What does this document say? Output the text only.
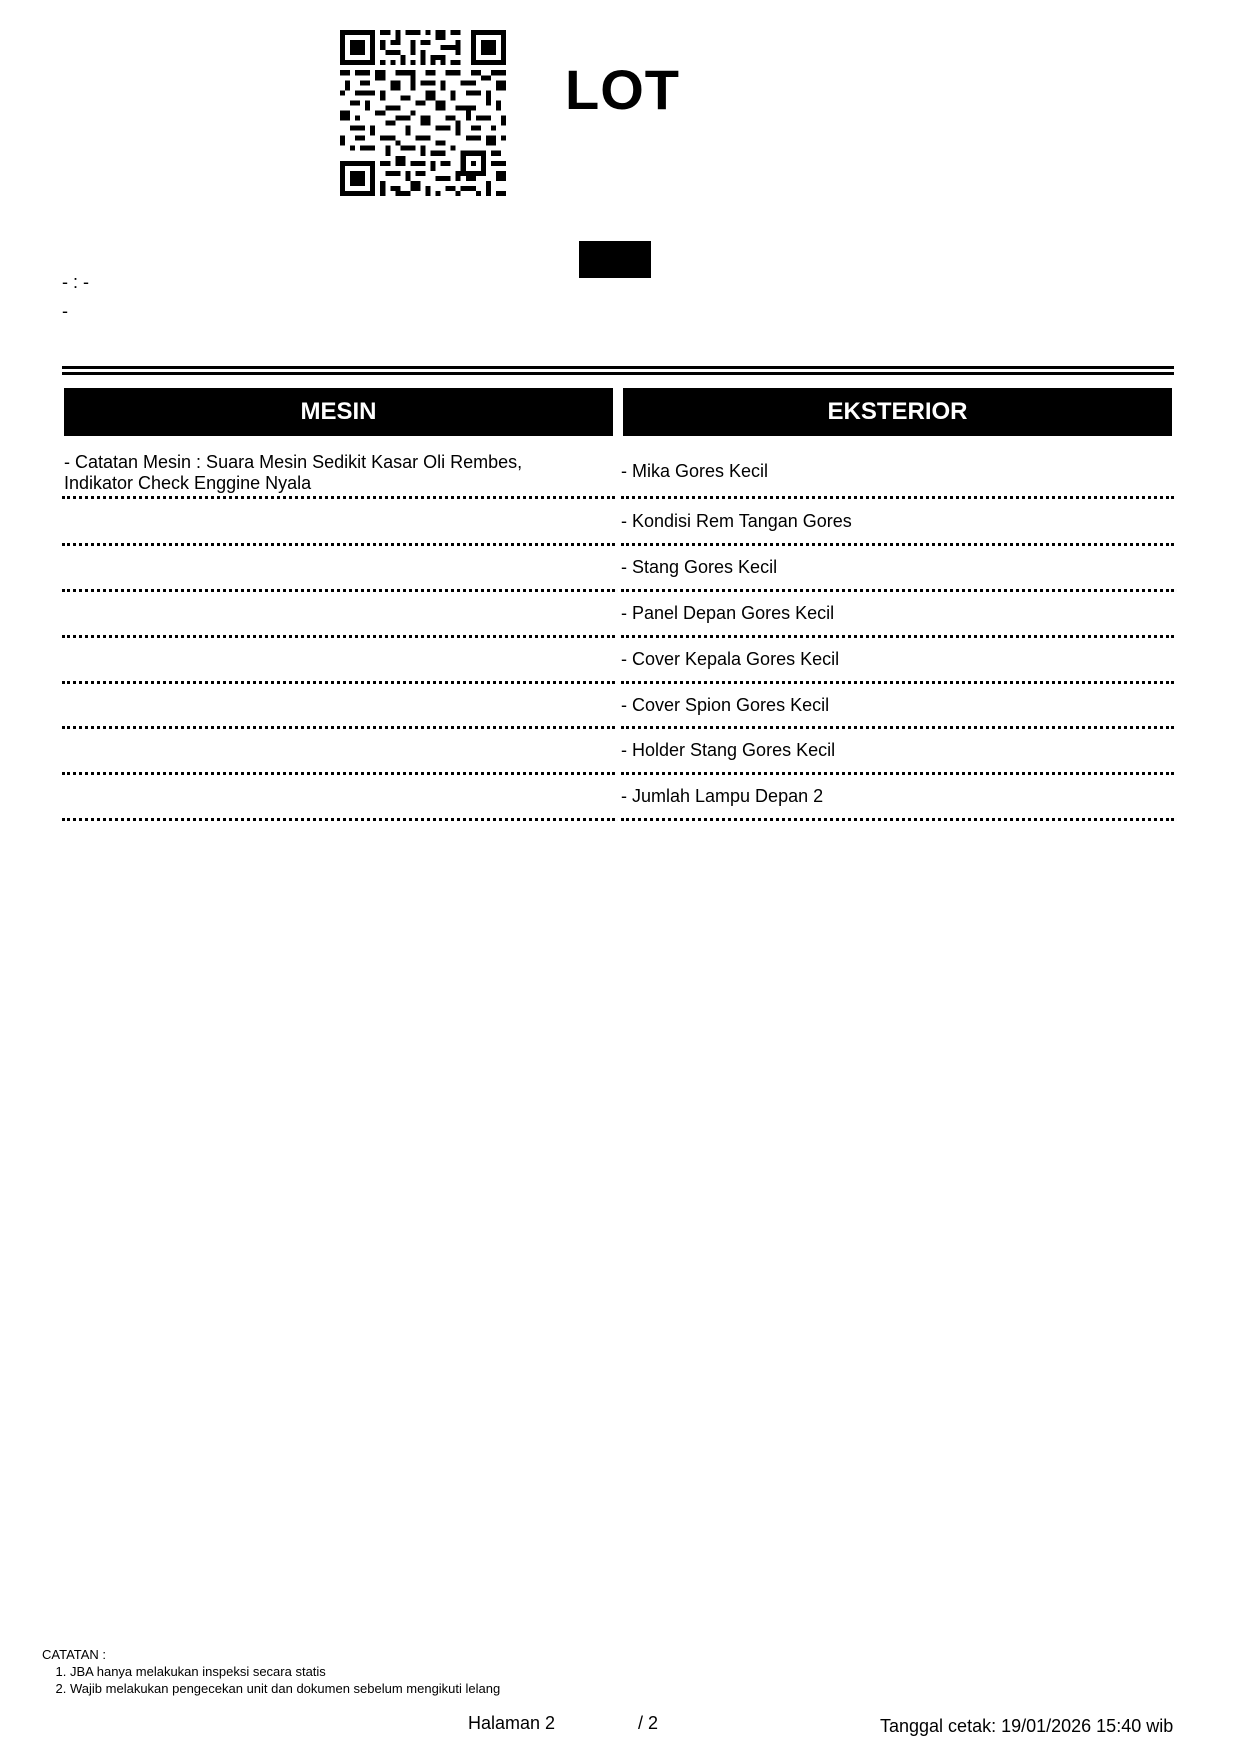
LOT
- : -
-
MESIN
- Catatan Mesin : Suara Mesin Sedikit Kasar Oli Rembes,
Indikator Check Enggine Nyala
EKSTERIOR
- Mika Gores Kecil
- Kondisi Rem Tangan Gores
- Stang Gores Kecil
- Panel Depan Gores Kecil
- Cover Kepala Gores Kecil
- Cover Spion Gores Kecil
- Holder Stang Gores Kecil
- Jumlah Lampu Depan 2
CATATAN :
1. JBA hanya melakukan inspeksi secara statis
2. Wajib melakukan pengecekan unit dan dokumen sebelum mengikuti lelang
Halaman 2	/ 2	Tanggal cetak: 19/01/2026 15:40 wib
